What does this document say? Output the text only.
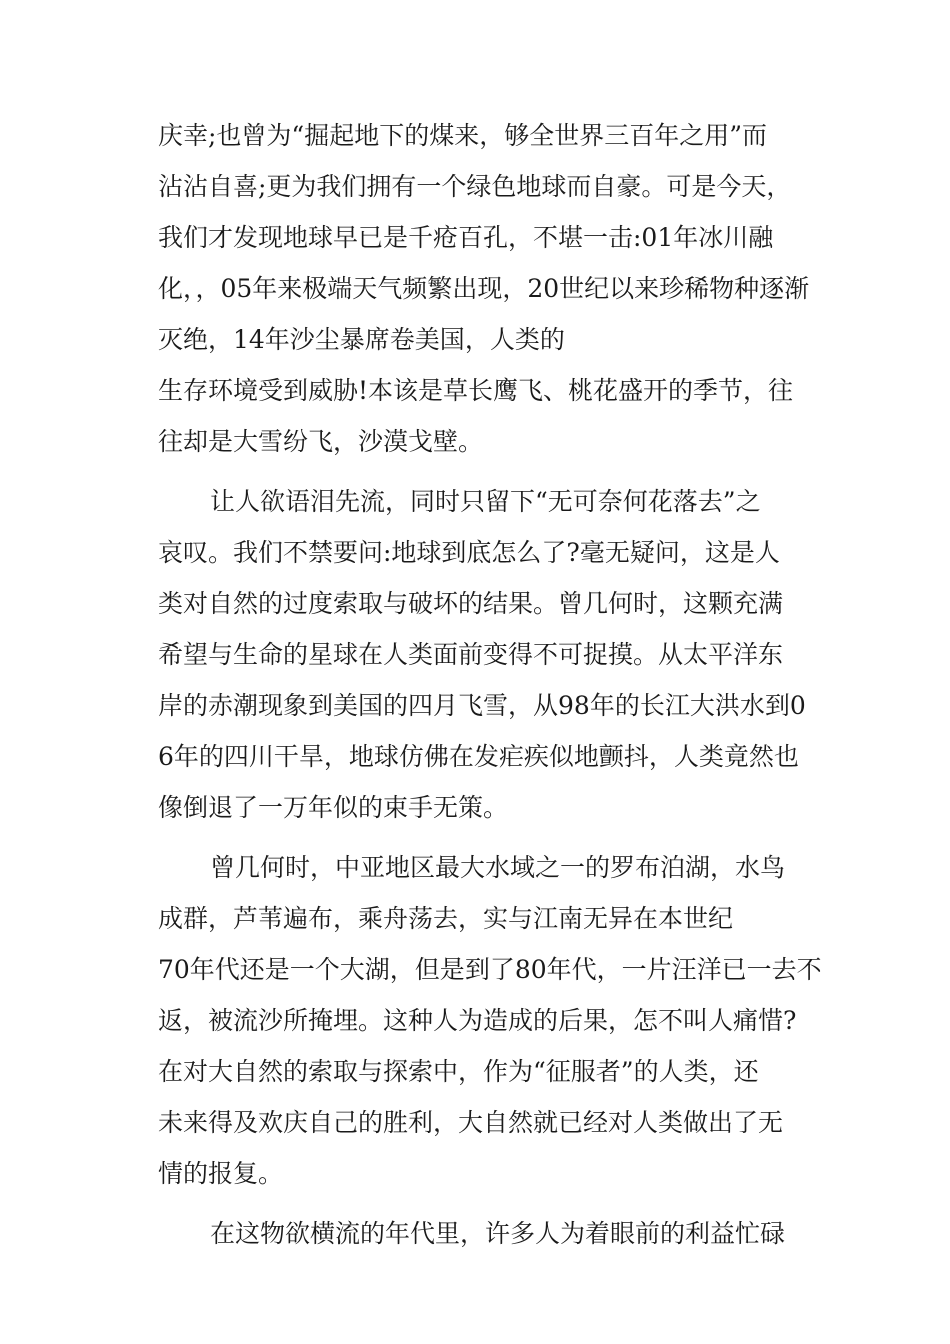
庆幸;也曾为“掘起地下的煤来，够全世界三百年之用”而
沾沾自喜;更为我们拥有一个绿色地球而自豪。可是今天，
我们才发现地球早已是千疮百孔，不堪一击:01年冰川融
化，，05年来极端天气频繁出现，20世纪以来珍稀物种逐渐
灭绝，14年沙尘暴席卷美国，人类的
生存环境受到威胁!本该是草长鹰飞、桃花盛开的季节，往
往却是大雪纷飞，沙漠戈壁。
让人欲语泪先流，同时只留下“无可奈何花落去”之
哀叹。我们不禁要问:地球到底怎么了?毫无疑问，这是人
类对自然的过度索取与破坏的结果。曾几何时，这颗充满
希望与生命的星球在人类面前变得不可捉摸。从太平洋东
岸的赤潮现象到美国的四月飞雪，从98年的长江大洪水到0
6年的四川干旱，地球仿佛在发疟疾似地颤抖，人类竟然也
像倒退了一万年似的束手无策。
曾几何时，中亚地区最大水域之一的罗布泊湖，水鸟
成群，芦苇遍布，乘舟荡去，实与江南无异在本世纪
70年代还是一个大湖，但是到了80年代，一片汪洋已一去不
返，被流沙所掩埋。这种人为造成的后果，怎不叫人痛惜?
在对大自然的索取与探索中，作为“征服者”的人类，还
未来得及欢庆自己的胜利，大自然就已经对人类做出了无
情的报复。
在这物欲横流的年代里，许多人为着眼前的利益忙碌
